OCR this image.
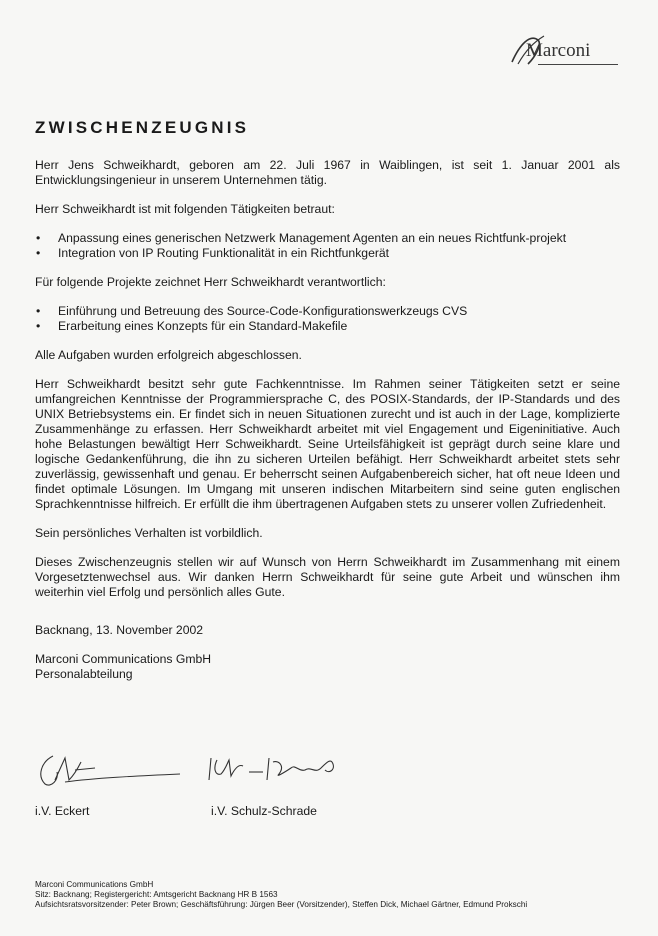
Marconi
ZWISCHENZEUGNIS

Herr Jens Schweikhardt, geboren am 22. Juli 1967 in Waiblingen, ist seit 1. Januar 2001 als Entwicklungsingenieur in unserem Unternehmen tätig.

Herr Schweikhardt ist mit folgenden Tätigkeiten betraut:

• Anpassung eines generischen Netzwerk Management Agenten an ein neues Richtfunk-projekt
• Integration von IP Routing Funktionalität in ein Richtfunkgerät

Für folgende Projekte zeichnet Herr Schweikhardt verantwortlich:

• Einführung und Betreuung des Source-Code-Konfigurationswerkzeugs CVS
• Erarbeitung eines Konzepts für ein Standard-Makefile

Alle Aufgaben wurden erfolgreich abgeschlossen.

Herr Schweikhardt besitzt sehr gute Fachkenntnisse. Im Rahmen seiner Tätigkeiten setzt er seine umfangreichen Kenntnisse der Programmiersprache C, des POSIX-Standards, der IP-Standards und des UNIX Betriebsystems ein. Er findet sich in neuen Situationen zurecht und ist auch in der Lage, komplizierte Zusammenhänge zu erfassen. Herr Schweikhardt arbeitet mit viel Engagement und Eigeninitiative. Auch hohe Belastungen bewältigt Herr Schweikhardt. Seine Urteilsfähigkeit ist geprägt durch seine klare und logische Gedankenführung, die ihn zu sicheren Urteilen befähigt. Herr Schweikhardt arbeitet stets sehr zuverlässig, gewissenhaft und genau. Er beherrscht seinen Aufgabenbereich sicher, hat oft neue Ideen und findet optimale Lösungen. Im Umgang mit unseren indischen Mitarbeitern sind seine guten englischen Sprachkenntnisse hilfreich. Er erfüllt die ihm übertragenen Aufgaben stets zu unserer vollen Zufriedenheit.

Sein persönliches Verhalten ist vorbildlich.

Dieses Zwischenzeugnis stellen wir auf Wunsch von Herrn Schweikhardt im Zusammenhang mit einem Vorgesetztenwechsel aus. Wir danken Herrn Schweikhardt für seine gute Arbeit und wünschen ihm weiterhin viel Erfolg und persönlich alles Gute.

Backnang, 13. November 2002
Marconi Communications GmbH
Personalabteilung
i.V. Eckert	i.V. Schulz-Schrade
Marconi Communications GmbH
Sitz: Backnang; Registergericht: Amtsgericht Backnang HR B 1563
Aufsichtsratsvorsitzender: Peter Brown; Geschäftsführung: Jürgen Beer (Vorsitzender), Steffen Dick, Michael Gärtner, Edmund Prokschi
